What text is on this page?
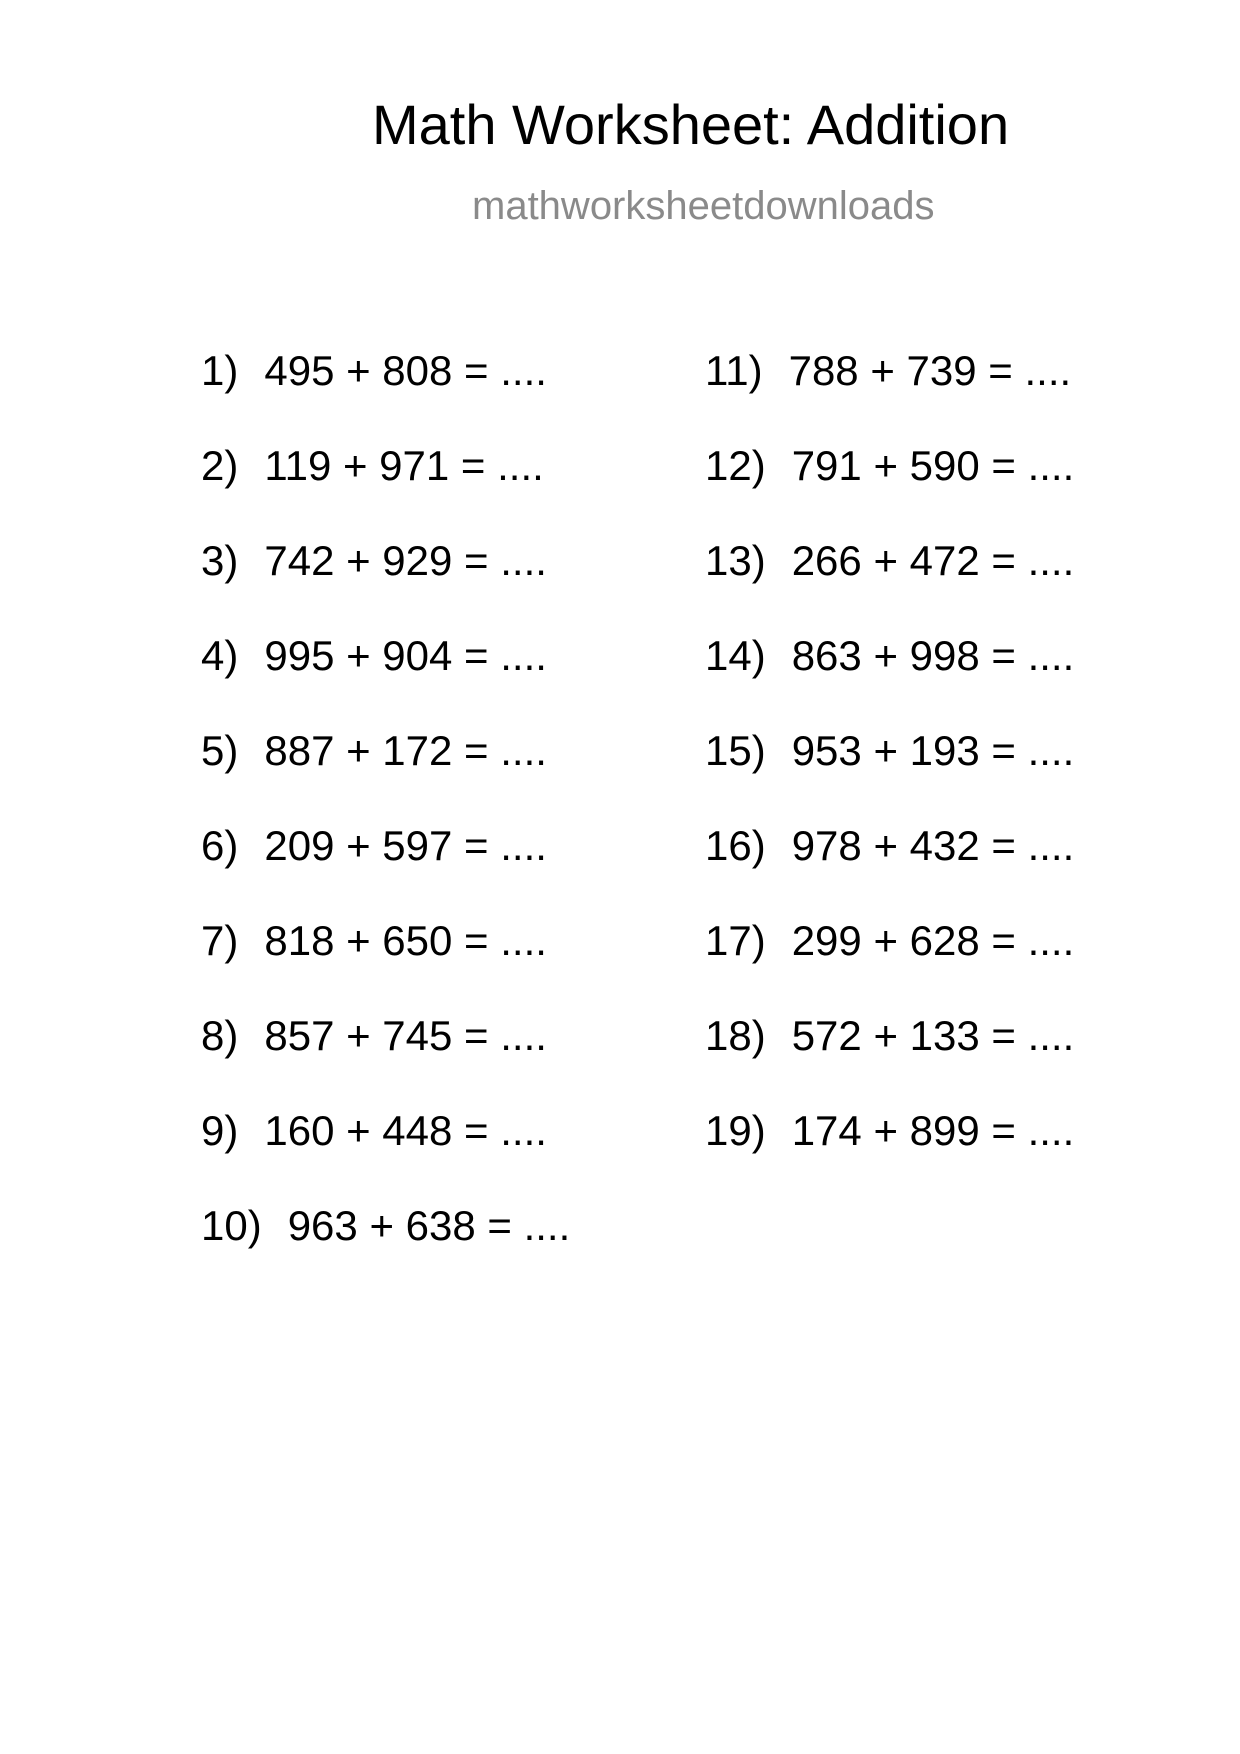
Math Worksheet: Addition
mathworksheetdownloads
1) 495 + 808 = ....
2) 119 + 971 = ....
3) 742 + 929 = ....
4) 995 + 904 = ....
5) 887 + 172 = ....
6) 209 + 597 = ....
7) 818 + 650 = ....
8) 857 + 745 = ....
9) 160 + 448 = ....
10) 963 + 638 = ....
11) 788 + 739 = ....
12) 791 + 590 = ....
13) 266 + 472 = ....
14) 863 + 998 = ....
15) 953 + 193 = ....
16) 978 + 432 = ....
17) 299 + 628 = ....
18) 572 + 133 = ....
19) 174 + 899 = ....
